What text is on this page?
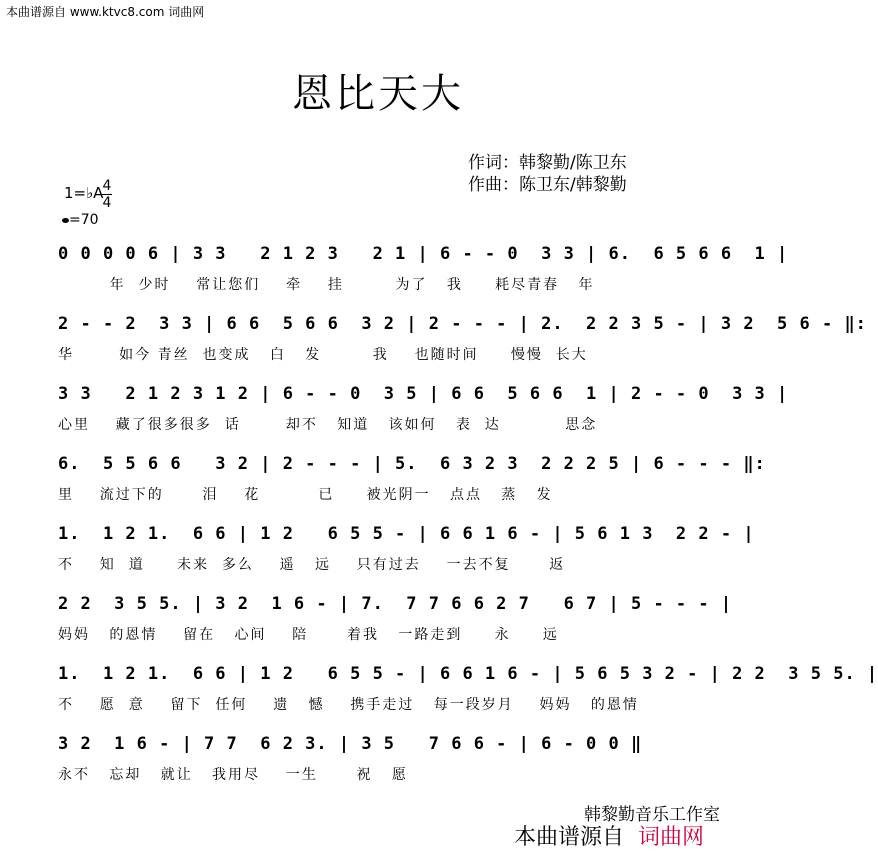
本曲谱源自 www.ktvc8.com 词曲网
恩比天大
作词：韩黎勤/陈卫东
作曲：陈卫东/韩黎勤
1=♭A 4
4
=70
0 0 0 0 6 | 3 3   2 1 2 3   2 1 | 6 - - 0  3 3 | 6.  6 5 6 6  1 |
年  少时    常让您们    牵    挂        为了   我     耗尽青春   年
2 - - 2  3 3 | 6 6  5 6 6  3 2 | 2 - - - | 2.  2 2 3 5 - | 3 2  5 6 - ‖:
华       如今 青丝  也变成   白   发        我    也随时间     慢慢  长大
3 3   2 1 2 3 1 2 | 6 - - 0  3 5 | 6 6  5 6 6  1 | 2 - - 0  3 3 |
心里    藏了很多很多  话       却不   知道   该如何   表  达          思念
6.  5 5 6 6   3 2 | 2 - - - | 5.  6 3 2 3  2 2 2 5 | 6 - - - ‖:
里    流过下的      泪    花         已     被光阴一   点点   蒸   发
1.  1 2 1.  6 6 | 1 2   6 5 5 - | 6 6 1 6 - | 5 6 1 3  2 2 - |
不    知  道     未来  多么    遥   远    只有过去    一去不复      返
2 2  3 5 5. | 3 2  1 6 - | 7.  7 7 6 6 2 7   6 7 | 5 - - - |
妈妈   的恩情    留在   心间    陪      着我   一路走到     永     远
1.  1 2 1.  6 6 | 1 2   6 5 5 - | 6 6 1 6 - | 5 6 5 3 2 - | 2 2  3 5 5. |
不    愿  意    留下  任何    遗   憾    携手走过   每一段岁月    妈妈   的恩情
3 2  1 6 - | 7 7  6 2 3. | 3 5   7 6 6 - | 6 - 0 0 ‖
永不   忘却   就让   我用尽    一生      祝   愿
韩黎勤音乐工作室
本曲谱源自 词曲网
